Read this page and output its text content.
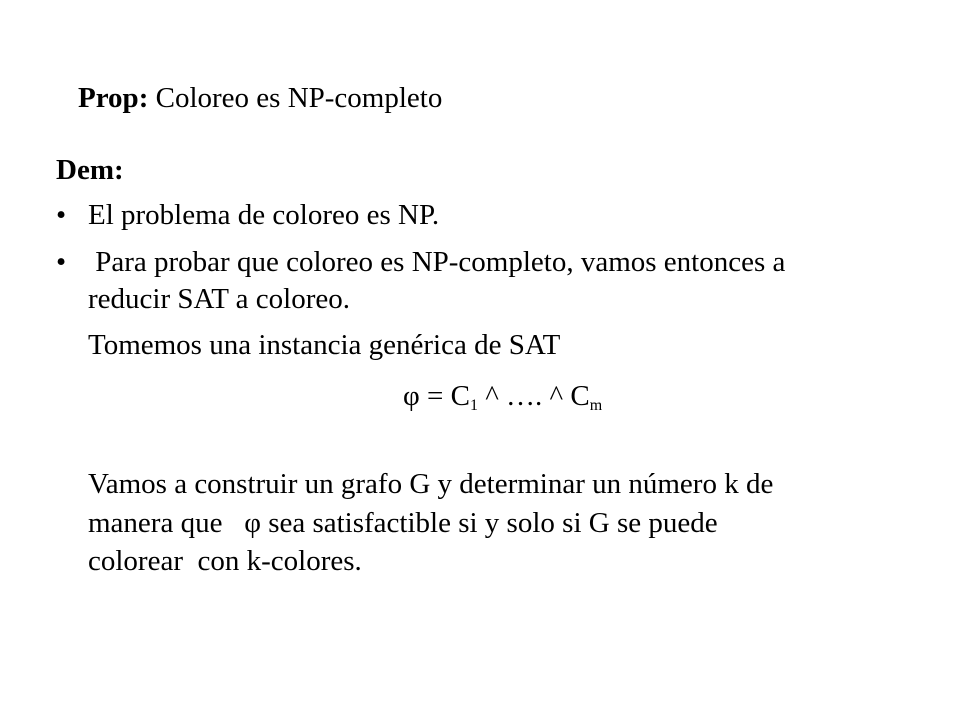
Prop: Coloreo es NP-completo
Dem:
• El problema de coloreo es NP.
• Para probar que coloreo es NP-completo, vamos entonces a
reducir SAT a coloreo.
Tomemos una instancia genérica de SAT
$\varphi = C_1$ ^ …. ^ $C_m$
Vamos a construir un grafo G y determinar un número k de
manera que   φ sea satisfactible si y solo si G se puede
colorear  con k-colores.
